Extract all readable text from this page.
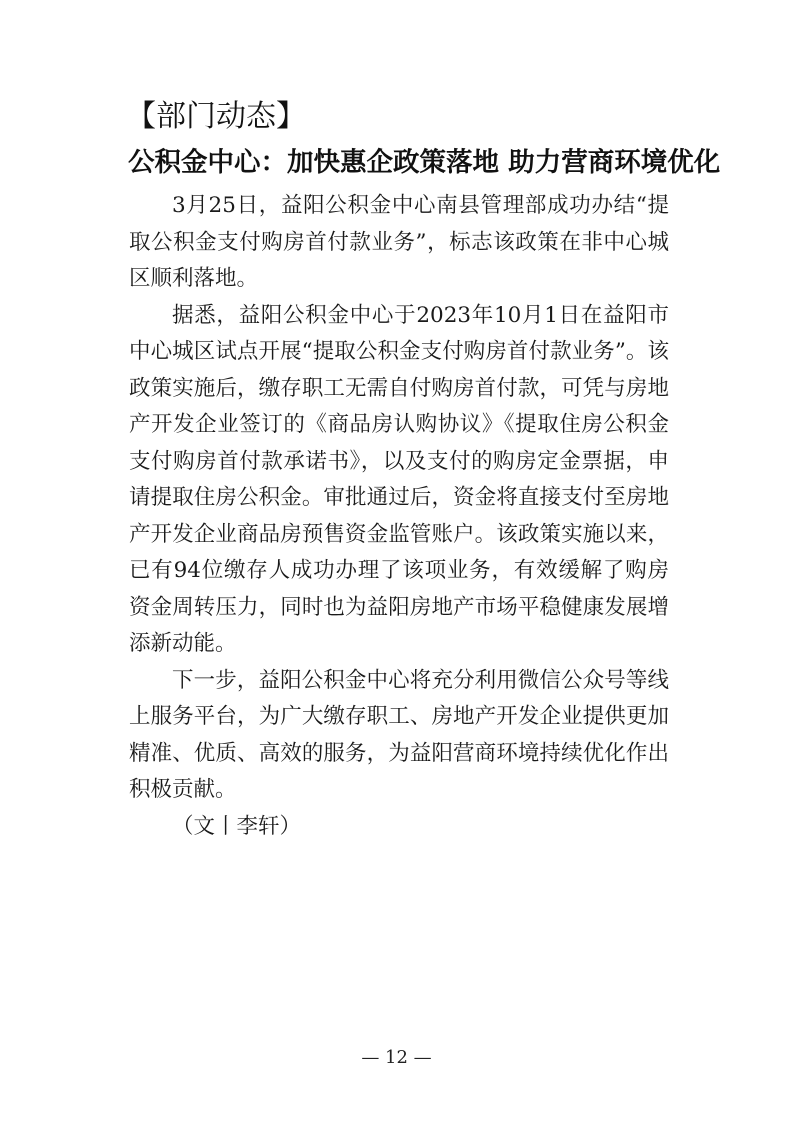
【部门动态】
公积金中心：加快惠企政策落地 助力营商环境优化

3月25日，益阳公积金中心南县管理部成功办结“提取公积金支付购房首付款业务”，标志该政策在非中心城区顺利落地。

据悉，益阳公积金中心于2023年10月1日在益阳市中心城区试点开展“提取公积金支付购房首付款业务”。该政策实施后，缴存职工无需自付购房首付款，可凭与房地产开发企业签订的《商品房认购协议》《提取住房公积金支付购房首付款承诺书》，以及支付的购房定金票据，申请提取住房公积金。审批通过后，资金将直接支付至房地产开发企业商品房预售资金监管账户。该政策实施以来，已有94位缴存人成功办理了该项业务，有效缓解了购房资金周转压力，同时也为益阳房地产市场平稳健康发展增添新动能。

下一步，益阳公积金中心将充分利用微信公众号等线上服务平台，为广大缴存职工、房地产开发企业提供更加精准、优质、高效的服务，为益阳营商环境持续优化作出积极贡献。

（文丨李轩）

— 12 —
